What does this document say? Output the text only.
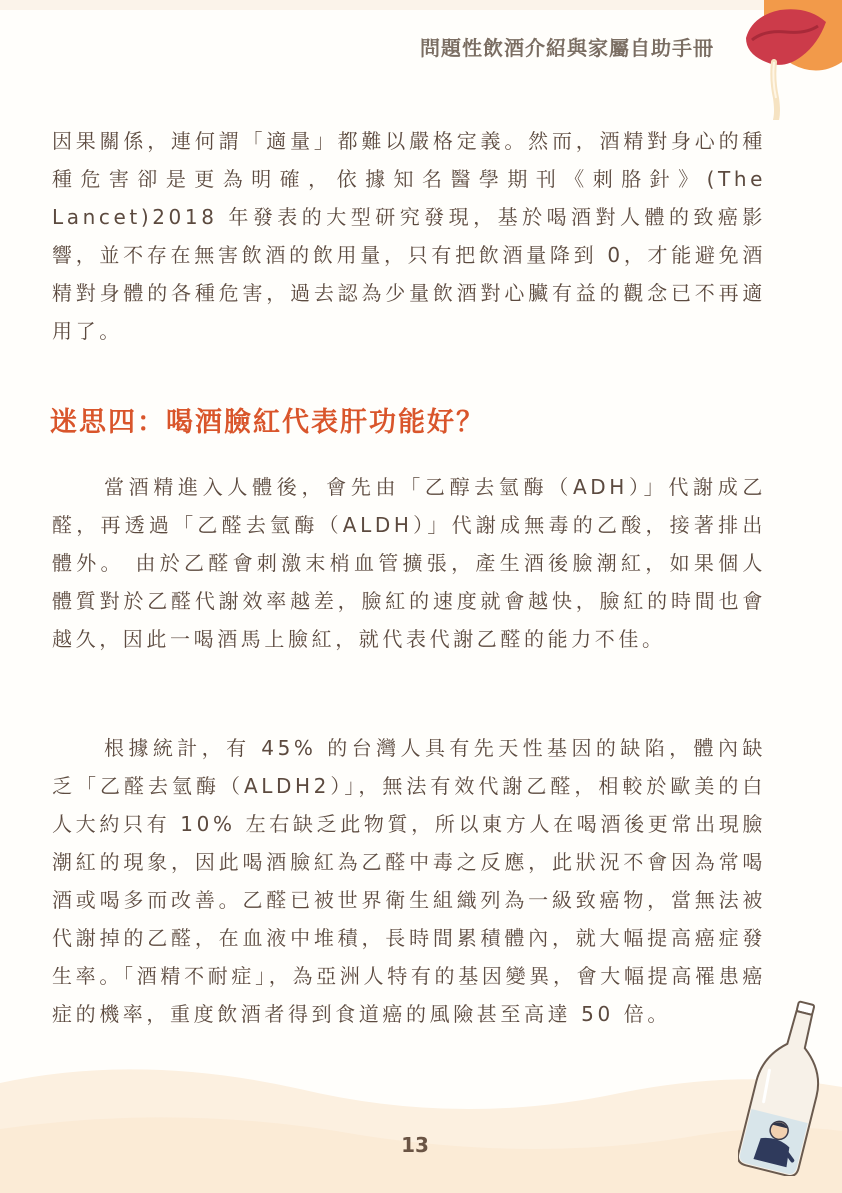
問題性飲酒介紹與家屬自助手冊

因果關係，連何謂「適量」都難以嚴格定義。然而，酒精對身心的種種危害卻是更為明確，依據知名醫學期刊《刺胳針》(The Lancet)2018 年發表的大型研究發現，基於喝酒對人體的致癌影響，並不存在無害飲酒的飲用量，只有把飲酒量降到 0，才能避免酒精對身體的各種危害，過去認為少量飲酒對心臟有益的觀念已不再適用了。

迷思四：喝酒臉紅代表肝功能好？

當酒精進入人體後，會先由「乙醇去氫酶（ADH）」代謝成乙醛，再透過「乙醛去氫酶（ALDH）」代謝成無毒的乙酸，接著排出體外。 由於乙醛會刺激末梢血管擴張，產生酒後臉潮紅，如果個人體質對於乙醛代謝效率越差，臉紅的速度就會越快，臉紅的時間也會越久，因此一喝酒馬上臉紅，就代表代謝乙醛的能力不佳。

根據統計，有 45% 的台灣人具有先天性基因的缺陷，體內缺乏「乙醛去氫酶（ALDH2）」，無法有效代謝乙醛，相較於歐美的白人大約只有 10% 左右缺乏此物質，所以東方人在喝酒後更常出現臉潮紅的現象，因此喝酒臉紅為乙醛中毒之反應，此狀況不會因為常喝酒或喝多而改善。乙醛已被世界衛生組織列為一級致癌物，當無法被代謝掉的乙醛，在血液中堆積，長時間累積體內，就大幅提高癌症發生率。「酒精不耐症」，為亞洲人特有的基因變異，會大幅提高罹患癌症的機率，重度飲酒者得到食道癌的風險甚至高達 50 倍。

13
